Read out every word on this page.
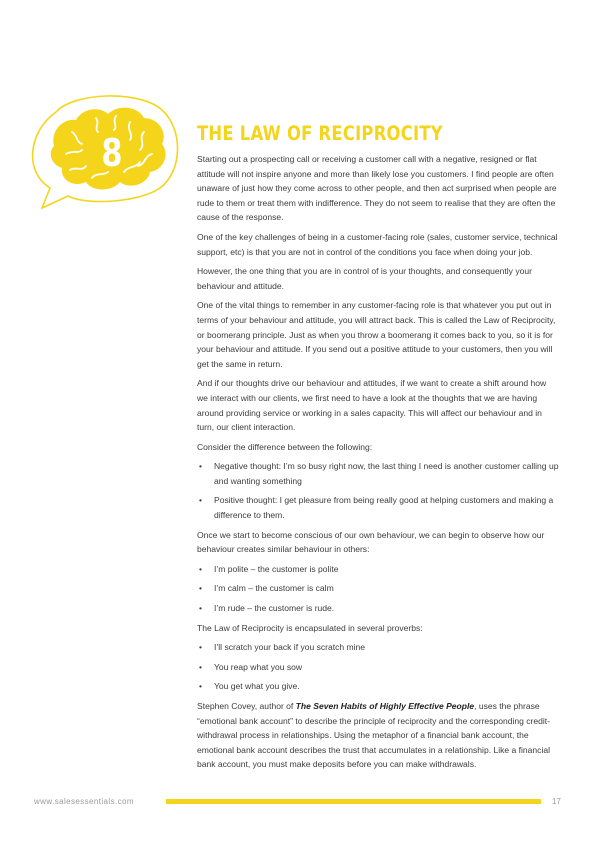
8	THE LAW OF RECIPROCITY

Starting out a prospecting call or receiving a customer call with a negative, resigned or flat attitude will not inspire anyone and more than likely lose you customers. I find people are often unaware of just how they come across to other people, and then act surprised when people are rude to them or treat them with indifference. They do not seem to realise that they are often the cause of the response.

One of the key challenges of being in a customer-facing role (sales, customer service, technical support, etc) is that you are not in control of the conditions you face when doing your job.

However, the one thing that you are in control of is your thoughts, and consequently your behaviour and attitude.

One of the vital things to remember in any customer-facing role is that whatever you put out in terms of your behaviour and attitude, you will attract back. This is called the Law of Reciprocity, or boomerang principle. Just as when you throw a boomerang it comes back to you, so it is for your behaviour and attitude. If you send out a positive attitude to your customers, then you will get the same in return.

And if our thoughts drive our behaviour and attitudes, if we want to create a shift around how we interact with our clients, we first need to have a look at the thoughts that we are having around providing service or working in a sales capacity. This will affect our behaviour and in turn, our client interaction.

Consider the difference between the following:

• Negative thought: I’m so busy right now, the last thing I need is another customer calling up and wanting something
• Positive thought: I get pleasure from being really good at helping customers and making a difference to them.

Once we start to become conscious of our own behaviour, we can begin to observe how our behaviour creates similar behaviour in others:

• I’m polite – the customer is polite
• I’m calm – the customer is calm
• I’m rude – the customer is rude.

The Law of Reciprocity is encapsulated in several proverbs:

• I’ll scratch your back if you scratch mine
• You reap what you sow
• You get what you give.

Stephen Covey, author of The Seven Habits of Highly Effective People, uses the phrase “emotional bank account” to describe the principle of reciprocity and the corresponding credit-withdrawal process in relationships. Using the metaphor of a financial bank account, the emotional bank account describes the trust that accumulates in a relationship. Like a financial bank account, you must make deposits before you can make withdrawals.

www.salesessentials.com	17
